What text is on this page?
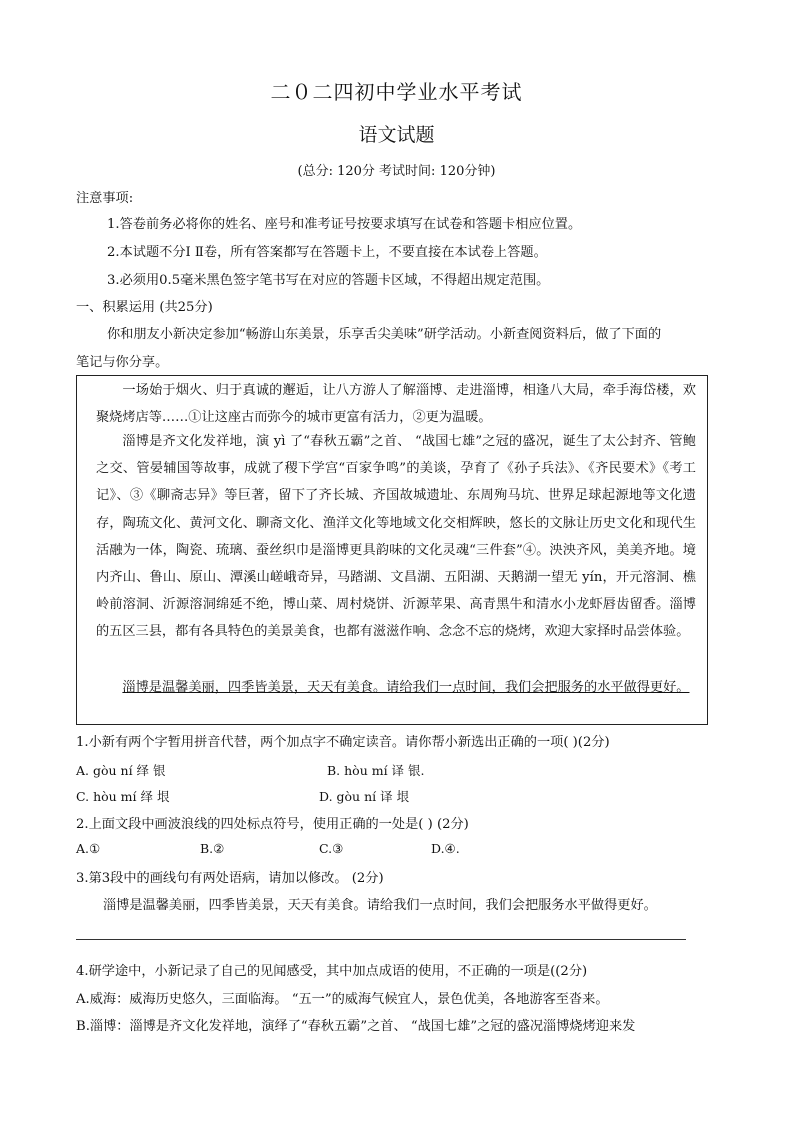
二０二四初中学业水平考试
语文试题
(总分: 120分 考试时间: 120分钟)
注意事项:
1.答卷前务必将你的姓名、座号和准考证号按要求填写在试卷和答题卡相应位置。
2.本试题不分Ⅰ Ⅱ卷，所有答案都写在答题卡上，不要直接在本试卷上答题。
3.必须用0.5毫米黑色签字笔书写在对应的答题卡区域，不得超出规定范围。
一、积累运用 (共25分)
你和朋友小新决定参加“畅游山东美景，乐享舌尖美味”研学活动。小新查阅资料后，做了下面的
笔记与你分享。
一场始于烟火、归于真诚的邂逅，让八方游人了解淄博、走进淄博，相逢八大局，牵手海岱楼，欢聚烧烤店等……①让这座古而弥今的城市更富有活力，②更为温暖。
淄博是齐文化发祥地，演 yì 了“春秋五霸”之首、 “战国七雄”之冠的盛况，诞生了太公封齐、管鲍之交、管晏辅国等故事，成就了稷下学宫“百家争鸣”的美谈，孕育了《孙子兵法》、《齐民要术》《考工记》、③《聊斋志异》等巨著，留下了齐长城、齐国故城遗址、东周殉马坑、世界足球起源地等文化遗存，陶琉文化、黄河文化、聊斋文化、渔洋文化等地域文化交相辉映，悠长的文脉让历史文化和现代生活融为一体，陶瓷、琉璃、蚕丝织巾是淄博更具韵味的文化灵魂“三件套”④。泱泱齐风，美美齐地。境内齐山、鲁山、原山、潭溪山嵯峨奇异，马踏湖、文昌湖、五阳湖、天鹅湖一望无 yín，开元溶洞、樵岭前溶洞、沂源溶洞绵延不绝，博山菜、周村烧饼、沂源苹果、高青黑牛和清水小龙虾唇齿留香。淄博的五区三县，都有各具特色的美景美食，也都有滋滋作响、念念不忘的烧烤，欢迎大家择时品尝体验。
淄博是温馨美丽，四季皆美景，天天有美食。请给我们一点时间，我们会把服务的水平做得更好。
1.小新有两个字暂用拼音代替，两个加点字不确定读音。请你帮小新选出正确的一项( )(2分)
A. gòu ní 绎 银	B. hòu mí 译 银.
C. hòu mí 绎 垠	D. gòu ní 译 垠
2.上面文段中画波浪线的四处标点符号，使用正确的一处是( ) (2分)
A.①	B.②	C.③	D.④.
3.第3段中的画线句有两处语病，请加以修改。 (2分)
淄博是温馨美丽，四季皆美景，天天有美食。请给我们一点时间，我们会把服务水平做得更好。
4.研学途中，小新记录了自己的见闻感受，其中加点成语的使用，不正确的一项是((2分)
A.威海：威海历史悠久，三面临海。 “五一”的威海气候宜人，景色优美，各地游客至沓来。
B.淄博：淄博是齐文化发祥地，演绎了“春秋五霸”之首、 “战国七雄”之冠的盛况淄博烧烤迎来发
